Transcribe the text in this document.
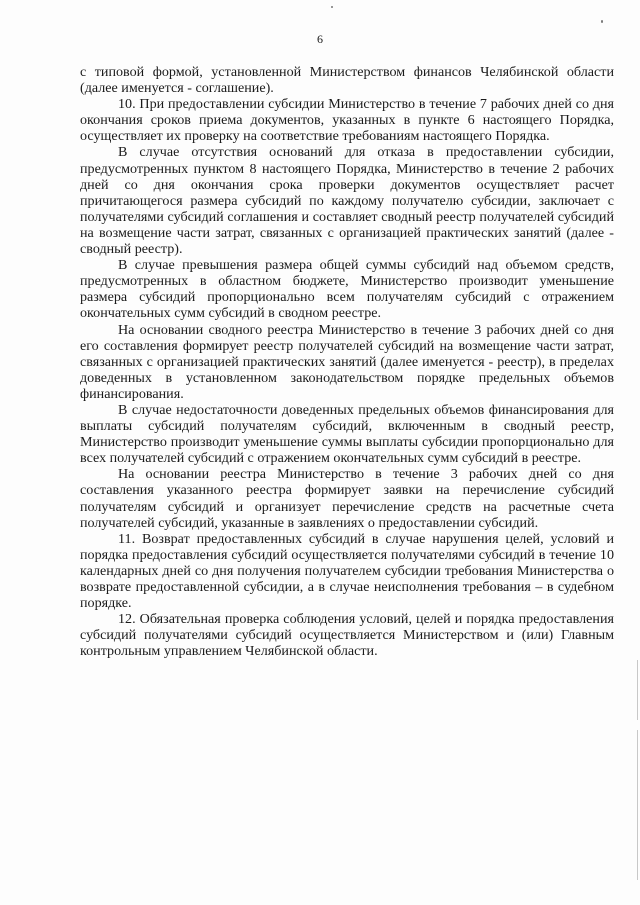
6

с типовой формой, установленной Министерством финансов Челябинской области (далее именуется - соглашение).

10. При предоставлении субсидии Министерство в течение 7 рабочих дней со дня окончания сроков приема документов, указанных в пункте 6 настоящего Порядка, осуществляет их проверку на соответствие требованиям настоящего Порядка.

В случае отсутствия оснований для отказа в предоставлении субсидии, предусмотренных пунктом 8 настоящего Порядка, Министерство в течение 2 рабочих дней со дня окончания срока проверки документов осуществляет расчет причитающегося размера субсидий по каждому получателю субсидии, заключает с получателями субсидий соглашения и составляет сводный реестр получателей субсидий на возмещение части затрат, связанных с организацией практических занятий (далее - сводный реестр).

В случае превышения размера общей суммы субсидий над объемом средств, предусмотренных в областном бюджете, Министерство производит уменьшение размера субсидий пропорционально всем получателям субсидий с отражением окончательных сумм субсидий в сводном реестре.

На основании сводного реестра Министерство в течение 3 рабочих дней со дня его составления формирует реестр получателей субсидий на возмещение части затрат, связанных с организацией практических занятий (далее именуется - реестр), в пределах доведенных в установленном законодательством порядке предельных объемов финансирования.

В случае недостаточности доведенных предельных объемов финансирования для выплаты субсидий получателям субсидий, включенным в сводный реестр, Министерство производит уменьшение суммы выплаты субсидии пропорционально для всех получателей субсидий с отражением окончательных сумм субсидий в реестре.

На основании реестра Министерство в течение 3 рабочих дней со дня составления указанного реестра формирует заявки на перечисление субсидий получателям субсидий и организует перечисление средств на расчетные счета получателей субсидий, указанные в заявлениях о предоставлении субсидий.

11. Возврат предоставленных субсидий в случае нарушения целей, условий и порядка предоставления субсидий осуществляется получателями субсидий в течение 10 календарных дней со дня получения получателем субсидии требования Министерства о возврате предоставленной субсидии, а в случае неисполнения требования – в судебном порядке.

12. Обязательная проверка соблюдения условий, целей и порядка предоставления субсидий получателями субсидий осуществляется Министерством и (или) Главным контрольным управлением Челябинской области.
